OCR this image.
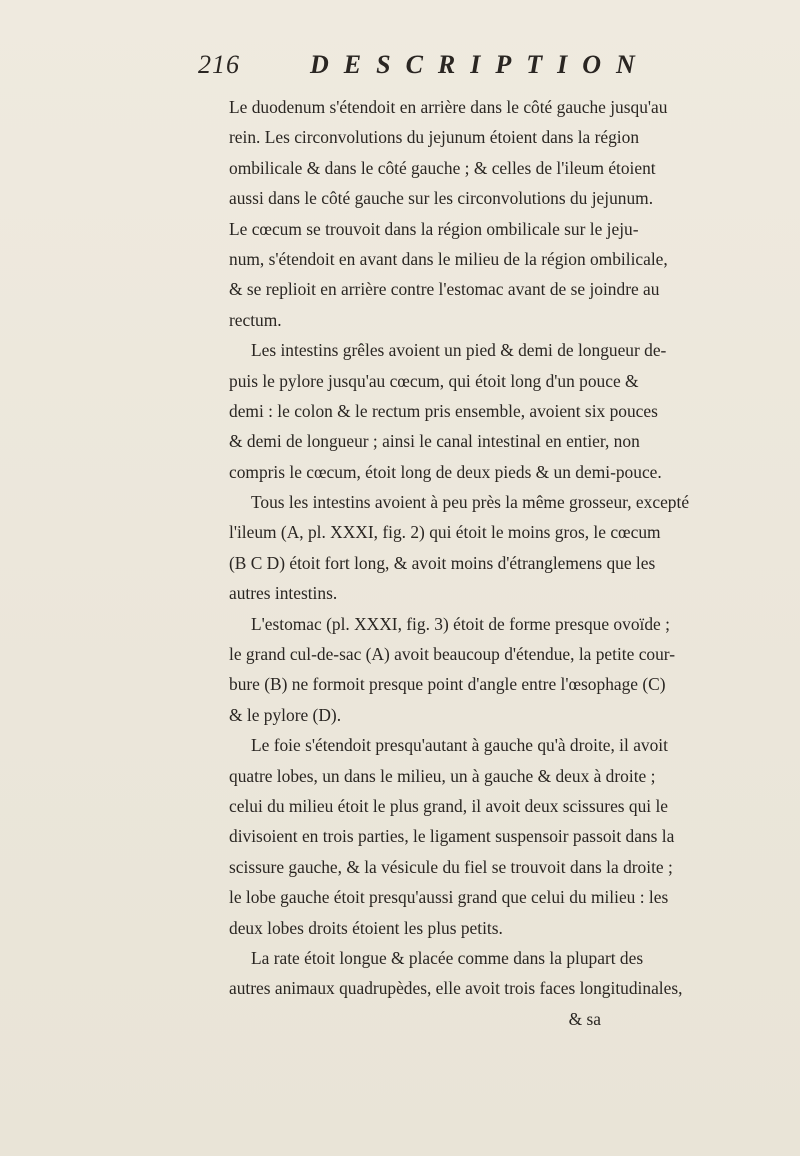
216	DESCRIPTION
Le duodenum s'étendoit en arrière dans le côté gauche jusqu'au
rein. Les circonvolutions du jejunum étoient dans la région
ombilicale & dans le côté gauche ; & celles de l'ileum étoient
aussi dans le côté gauche sur les circonvolutions du jejunum.
Le cœcum se trouvoit dans la région ombilicale sur le jeju-
num, s'étendoit en avant dans le milieu de la région ombilicale,
& se replioit en arrière contre l'estomac avant de se joindre au
rectum.
Les intestins grêles avoient un pied & demi de longueur de-
puis le pylore jusqu'au cœcum, qui étoit long d'un pouce &
demi : le colon & le rectum pris ensemble, avoient six pouces
& demi de longueur ; ainsi le canal intestinal en entier, non
compris le cœcum, étoit long de deux pieds & un demi-pouce.
Tous les intestins avoient à peu près la même grosseur, excepté
l'ileum (A, pl. XXXI, fig. 2) qui étoit le moins gros, le cœcum
(B C D) étoit fort long, & avoit moins d'étranglemens que les
autres intestins.
L'estomac (pl. XXXI, fig. 3) étoit de forme presque ovoïde ;
le grand cul-de-sac (A) avoit beaucoup d'étendue, la petite cour-
bure (B) ne formoit presque point d'angle entre l'œsophage (C)
& le pylore (D).
Le foie s'étendoit presqu'autant à gauche qu'à droite, il avoit
quatre lobes, un dans le milieu, un à gauche & deux à droite ;
celui du milieu étoit le plus grand, il avoit deux scissures qui le
divisoient en trois parties, le ligament suspensoir passoit dans la
scissure gauche, & la vésicule du fiel se trouvoit dans la droite ;
le lobe gauche étoit presqu'aussi grand que celui du milieu : les
deux lobes droits étoient les plus petits.
La rate étoit longue & placée comme dans la plupart des
autres animaux quadrupèdes, elle avoit trois faces longitudinales,
& sa
